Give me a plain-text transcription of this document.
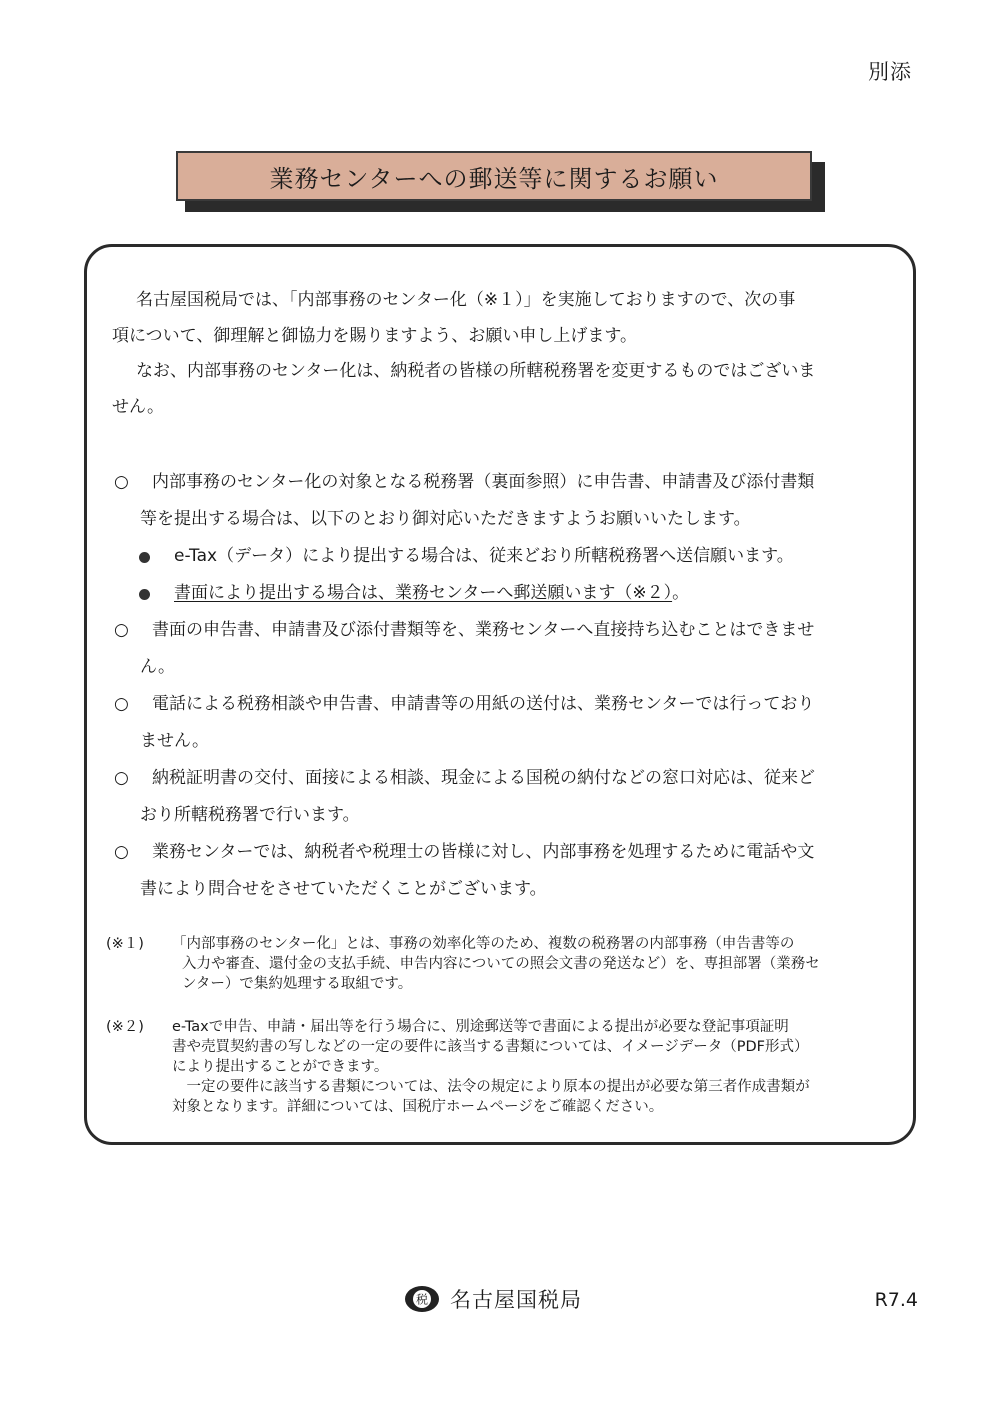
別添
業務センターへの郵送等に関するお願い
名古屋国税局では、「内部事務のセンター化（※１）」を実施しておりますので、次の事
項について、御理解と御協力を賜りますよう、お願い申し上げます。
なお、内部事務のセンター化は、納税者の皆様の所轄税務署を変更するものではございま
せん。
○ 内部事務のセンター化の対象となる税務署（裏面参照）に申告書、申請書及び添付書類
等を提出する場合は、以下のとおり御対応いただきますようお願いいたします。
e-Tax（データ）により提出する場合は、従来どおり所轄税務署へ送信願います。
書面により提出する場合は、業務センターへ郵送願います（※２）。
○ 書面の申告書、申請書及び添付書類等を、業務センターへ直接持ち込むことはできませ
ん。
○ 電話による税務相談や申告書、申請書等の用紙の送付は、業務センターでは行っており
ません。
○ 納税証明書の交付、面接による相談、現金による国税の納付などの窓口対応は、従来ど
おり所轄税務署で行います。
○ 業務センターでは、納税者や税理士の皆様に対し、内部事務を処理するために電話や文
書により問合せをさせていただくことがございます。
(※１) 「内部事務のセンター化」とは、事務の効率化等のため、複数の税務署の内部事務（申告書等の
入力や審査、還付金の支払手続、申告内容についての照会文書の発送など）を、専担部署（業務セ
ンター）で集約処理する取組です。
(※２) e-Taxで申告、申請・届出等を行う場合に、別途郵送等で書面による提出が必要な登記事項証明
書や売買契約書の写しなどの一定の要件に該当する書類については、イメージデータ（PDF形式）
により提出することができます。
　一定の要件に該当する書類については、法令の規定により原本の提出が必要な第三者作成書類が
対象となります。詳細については、国税庁ホームページをご確認ください。
税 名古屋国税局	R7.4
